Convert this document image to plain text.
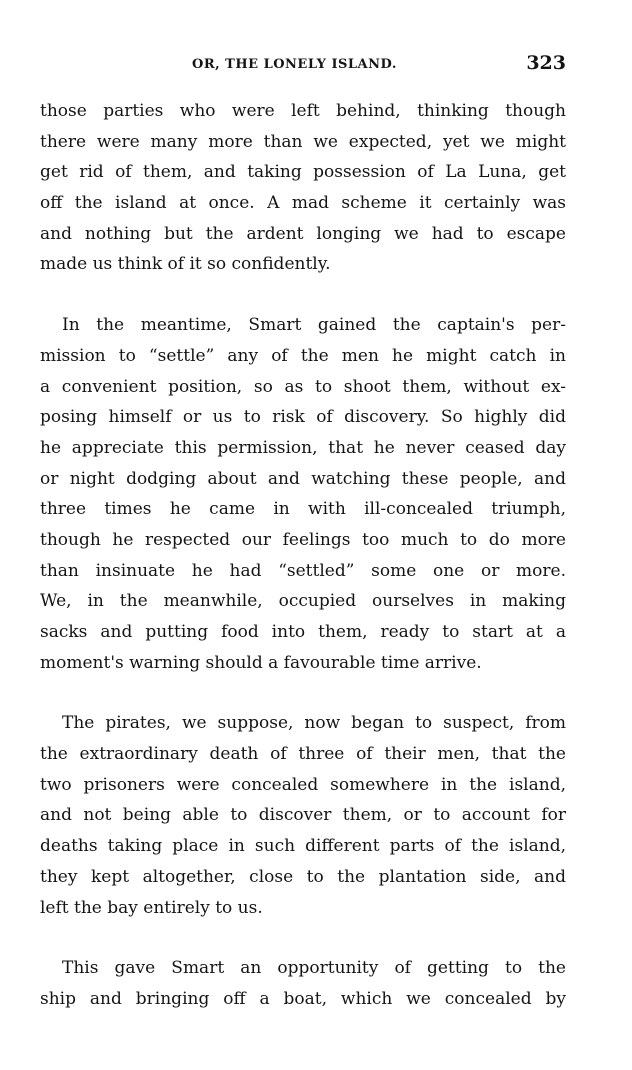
OR, THE LONELY ISLAND.	323
those parties who were left behind, thinking though
there were many more than we expected, yet we might
get rid of them, and taking possession of La Luna, get
off the island at once. A mad scheme it certainly was
and nothing but the ardent longing we had to escape
made us think of it so confidently.
In the meantime, Smart gained the captain's per-
mission to “settle” any of the men he might catch in
a convenient position, so as to shoot them, without ex-
posing himself or us to risk of discovery. So highly did
he appreciate this permission, that he never ceased day
or night dodging about and watching these people, and
three times he came in with ill-concealed triumph,
though he respected our feelings too much to do more
than insinuate he had “settled” some one or more.
We, in the meanwhile, occupied ourselves in making
sacks and putting food into them, ready to start at a
moment's warning should a favourable time arrive.
The pirates, we suppose, now began to suspect, from
the extraordinary death of three of their men, that the
two prisoners were concealed somewhere in the island,
and not being able to discover them, or to account for
deaths taking place in such different parts of the island,
they kept altogether, close to the plantation side, and
left the bay entirely to us.
This gave Smart an opportunity of getting to the
ship and bringing off a boat, which we concealed by
